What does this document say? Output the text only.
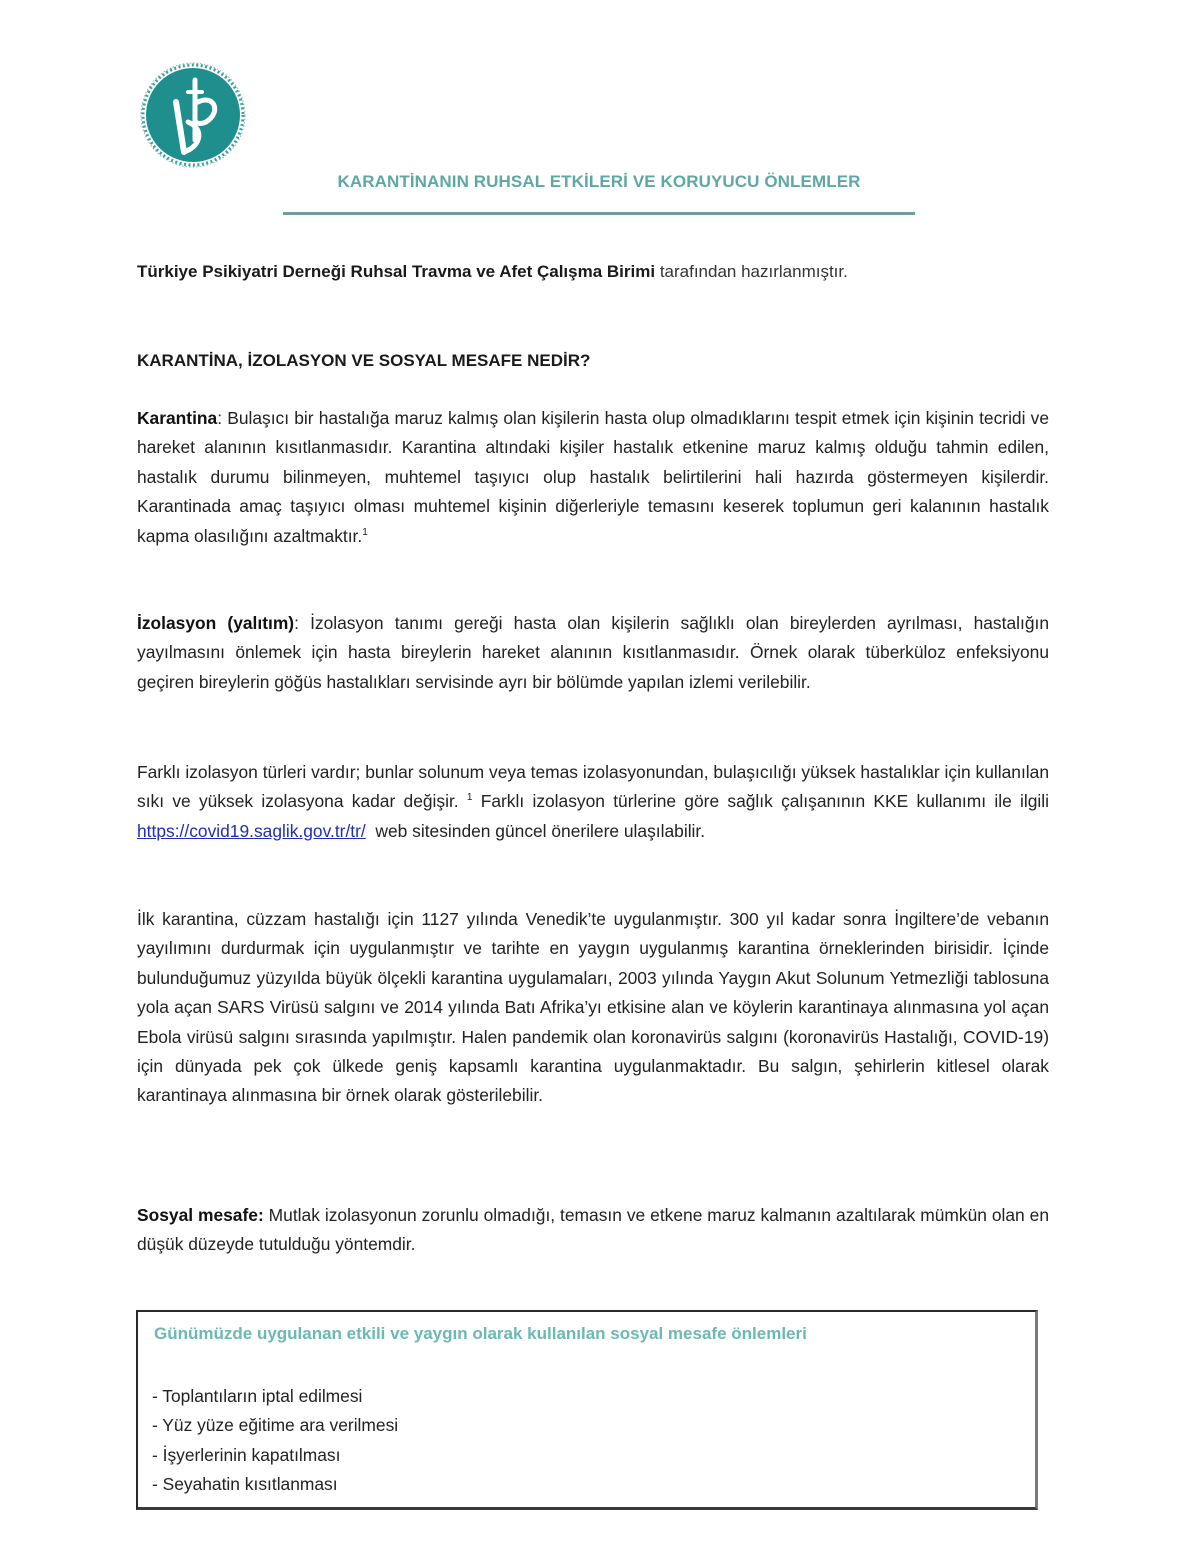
KARANTİNANIN RUHSAL ETKİLERİ VE KORUYUCU ÖNLEMLER
Türkiye Psikiyatri Derneği Ruhsal Travma ve Afet Çalışma Birimi tarafından hazırlanmıştır.
KARANTİNA, İZOLASYON VE SOSYAL MESAFE NEDİR?
Karantina: Bulaşıcı bir hastalığa maruz kalmış olan kişilerin hasta olup olmadıklarını tespit etmek için kişinin tecridi ve hareket alanının kısıtlanmasıdır. Karantina altındaki kişiler hastalık etkenine maruz kalmış olduğu tahmin edilen, hastalık durumu bilinmeyen, muhtemel taşıyıcı olup hastalık belirtilerini hali hazırda göstermeyen kişilerdir. Karantinada amaç taşıyıcı olması muhtemel kişinin diğerleriyle temasını keserek toplumun geri kalanının hastalık kapma olasılığını azaltmaktır.$^1$
İzolasyon (yalıtım): İzolasyon tanımı gereği hasta olan kişilerin sağlıklı olan bireylerden ayrılması, hastalığın yayılmasını önlemek için hasta bireylerin hareket alanının kısıtlanmasıdır. Örnek olarak tüberküloz enfeksiyonu geçiren bireylerin göğüs hastalıkları servisinde ayrı bir bölümde yapılan izlemi verilebilir.
Farklı izolasyon türleri vardır; bunlar solunum veya temas izolasyonundan, bulaşıcılığı yüksek hastalıklar için kullanılan sıkı ve yüksek izolasyona kadar değişir. $^1$ Farklı izolasyon türlerine göre sağlık çalışanının KKE kullanımı ile ilgili https://covid19.saglik.gov.tr/tr/  web sitesinden güncel önerilere ulaşılabilir.
İlk karantina, cüzzam hastalığı için 1127 yılında Venedik’te uygulanmıştır. 300 yıl kadar sonra İngiltere’de vebanın yayılımını durdurmak için uygulanmıştır ve tarihte en yaygın uygulanmış karantina örneklerinden birisidir. İçinde bulunduğumuz yüzyılda büyük ölçekli karantina uygulamaları, 2003 yılında Yaygın Akut Solunum Yetmezliği tablosuna yola açan SARS Virüsü salgını ve 2014 yılında Batı Afrika’yı etkisine alan ve köylerin karantinaya alınmasına yol açan Ebola virüsü salgını sırasında yapılmıştır. Halen pandemik olan koronavirüs salgını (koronavirüs Hastalığı, COVID-19) için dünyada pek çok ülkede geniş kapsamlı karantina uygulanmaktadır. Bu salgın, şehirlerin kitlesel olarak karantinaya alınmasına bir örnek olarak gösterilebilir.
Sosyal mesafe: Mutlak izolasyonun zorunlu olmadığı, temasın ve etkene maruz kalmanın azaltılarak mümkün olan en düşük düzeyde tutulduğu yöntemdir.
Günümüzde uygulanan etkili ve yaygın olarak kullanılan sosyal mesafe önlemleri
- Toplantıların iptal edilmesi
- Yüz yüze eğitime ara verilmesi
- İşyerlerinin kapatılması
- Seyahatin kısıtlanması
